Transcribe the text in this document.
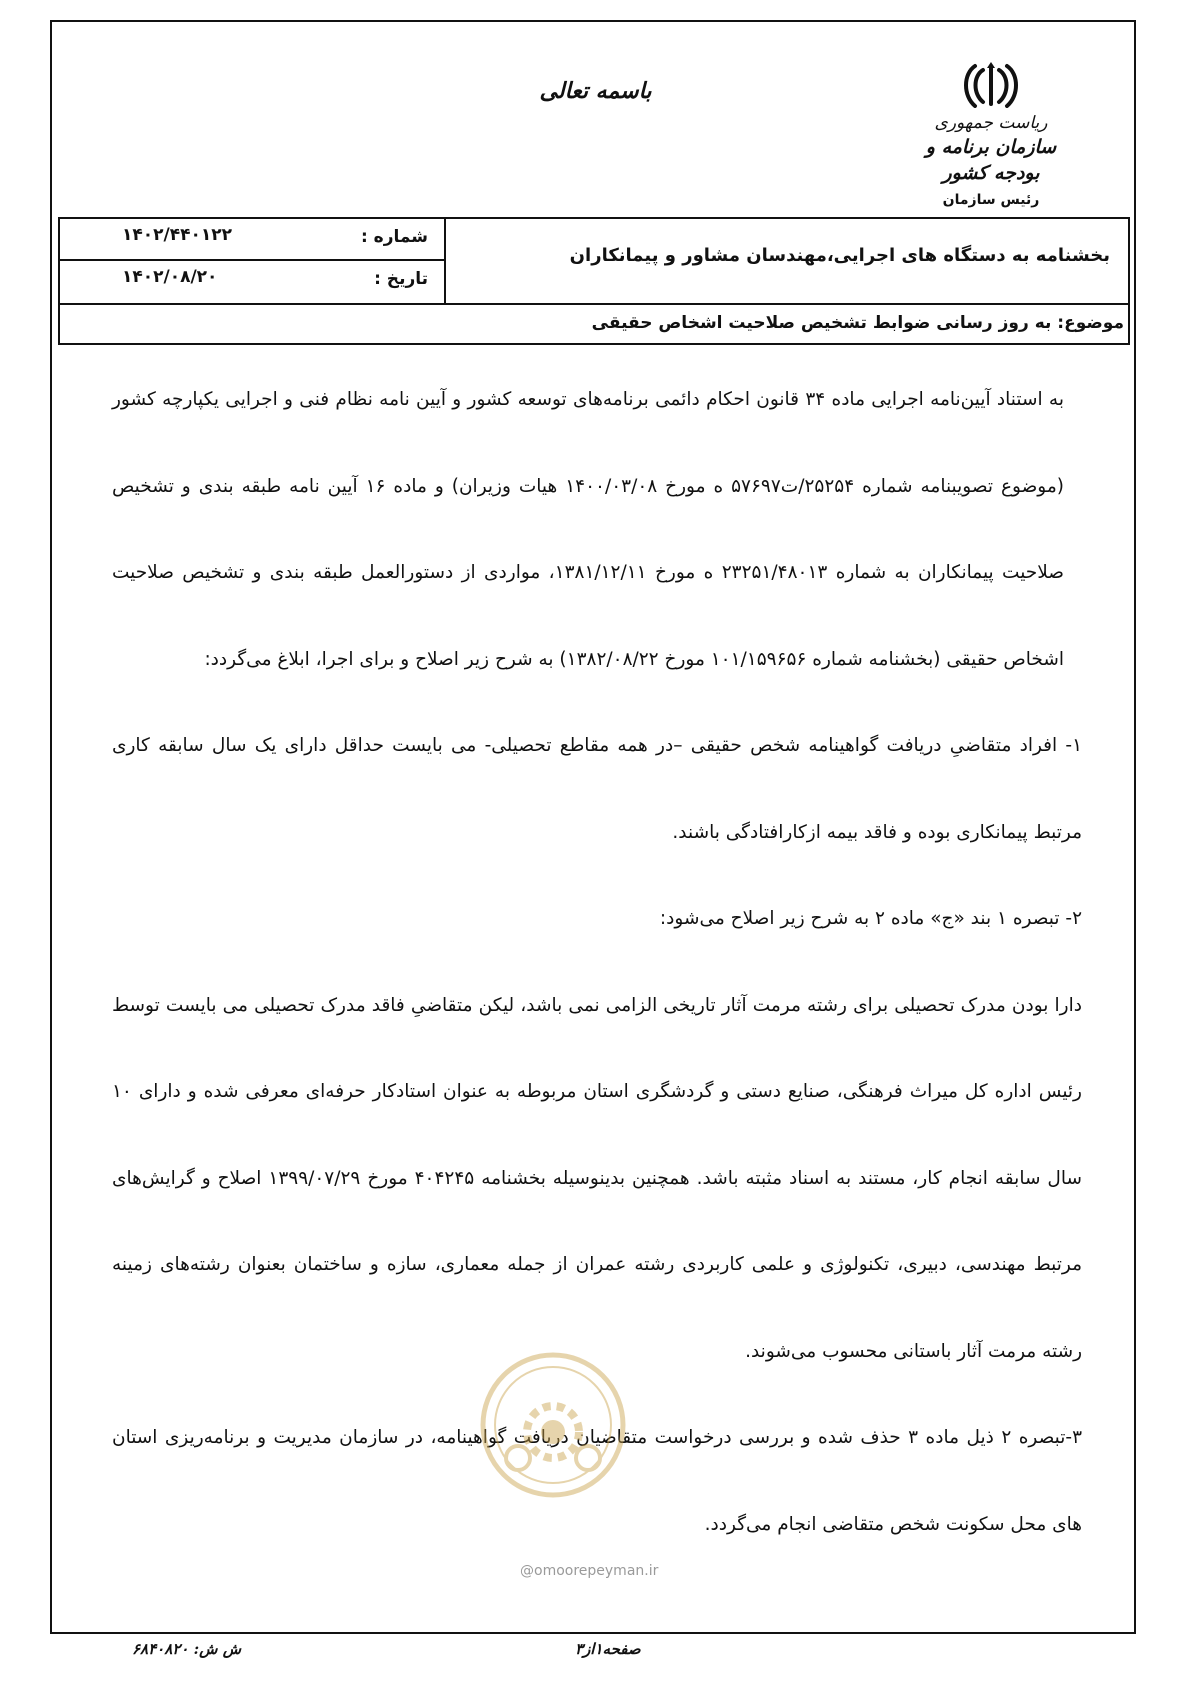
باسمه تعالی
ریاست جمهوری
سازمان برنامه و بودجه کشور
رئیس سازمان
بخشنامه به دستگاه های اجرایی،مهندسان مشاور و پیمانکاران
شماره :
۱۴۰۲/۴۴۰۱۲۲
تاریخ :
۱۴۰۲/۰۸/۲۰
موضوع: به روز رسانی ضوابط تشخیص صلاحیت اشخاص حقیقی

به استناد آیین‌نامه اجرایی ماده ۳۴ قانون احکام دائمی برنامه‌های توسعه کشور و آیین نامه نظام فنی و اجرایی یکپارچه کشور (موضوع تصویبنامه شماره ۲۵۲۵۴/ت۵۷۶۹۷ ه مورخ ۱۴۰۰/۰۳/۰۸ هیات وزیران) و ماده ۱۶ آیین نامه طبقه بندی و تشخیص صلاحیت پیمانکاران به شماره ۲۳۲۵۱/۴۸۰۱۳ ه مورخ ۱۳۸۱/۱۲/۱۱، مواردی از دستورالعمل طبقه بندی و تشخیص صلاحیت اشخاص حقیقی (بخشنامه شماره ۱۰۱/۱۵۹۶۵۶ مورخ ۱۳۸۲/۰۸/۲۲) به شرح زیر اصلاح و برای اجرا، ابلاغ می‌گردد:

۱- افراد متقاضیِ دریافت گواهینامه شخص حقیقی –در همه مقاطع تحصیلی- می بایست حداقل دارای یک سال سابقه کاری مرتبط پیمانکاری بوده و فاقد بیمه ازکارافتادگی باشند.

۲- تبصره ۱ بند «ج» ماده ۲ به شرح زیر اصلاح می‌شود:

دارا بودن مدرک تحصیلی برای رشته مرمت آثار تاریخی الزامی نمی باشد، لیکن متقاضیِ فاقد مدرک تحصیلی می بایست توسط رئیس اداره کل میراث فرهنگی، صنایع دستی و گردشگری استان مربوطه به عنوان استادکار حرفه‌ای معرفی شده و دارای ۱۰ سال سابقه انجام کار، مستند به اسناد مثبته باشد. همچنین بدینوسیله بخشنامه ۴۰۴۲۴۵ مورخ ۱۳۹۹/۰۷/۲۹ اصلاح و گرایش‌های مرتبط مهندسی، دبیری، تکنولوژی و علمی کاربردی رشته عمران از جمله معماری، سازه و ساختمان بعنوان رشته‌های زمینه رشته مرمت آثار باستانی محسوب می‌شوند.

۳-تبصره ۲ ذیل ماده ۳ حذف شده و بررسی درخواست متقاضیان دریافت گواهینامه، در سازمان مدیریت و برنامه‌ریزی استان های محل سکونت شخص متقاضی انجام می‌گردد.

@omoorepeyman.ir
ش ش: ۶۸۴۰۸۲۰	صفحه۱از۳
